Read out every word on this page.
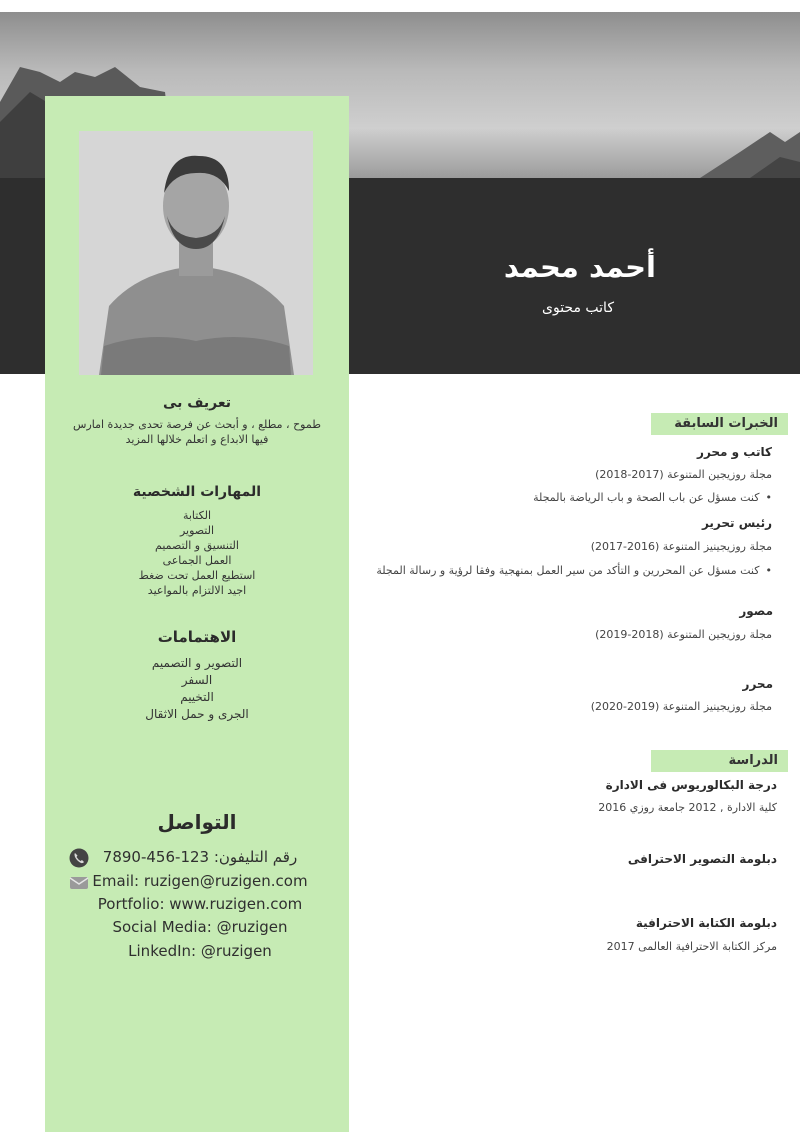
أحمد محمد
كاتب محتوى
تعريف بى
طموح ، مطلع ، و أبحث عن فرصة تحدى جديدة امارس
فيها الابداع و اتعلم خلالها المزيد
المهارات الشخصية
الكتابة
التصوير
التنسيق و التصميم
العمل الجماعى
استطيع العمل تحت ضغط
اجيد الالتزام بالمواعيد
الاهتمامات
التصوير و التصميم
السفر
التخييم
الجرى و حمل الاثقال
التواصل
رقم التليفون: 123-456-7890
Email: ruzigen@ruzigen.com
Portfolio: www.ruzigen.com
Social Media: @ruzigen
LinkedIn: @ruzigen
الخبرات السابقة
كاتب و محرر
مجلة روزيجين المتنوعة (2017-2018)
• كنت مسؤل عن باب الصحة و باب الرياضة بالمجلة
رئيس تحرير
مجلة روزيجينيز المتنوعة (2016-2017)
• كنت مسؤل عن المحررين و التأكد من سير العمل بمنهجية وفقا لرؤية و رسالة المجلة
مصور
مجلة روزيجين المتنوعة (2018-2019)
محرر
مجلة روزيجينيز المتنوعة (2019-2020)
الدراسة
درجة البكالوريوس فى الادارة
كلية الادارة , 2012 جامعة روزي 2016
دبلومة التصوير الاحترافى
دبلومة الكتابة الاحترافية
مركز الكتابة الاحترافية العالمى 2017
